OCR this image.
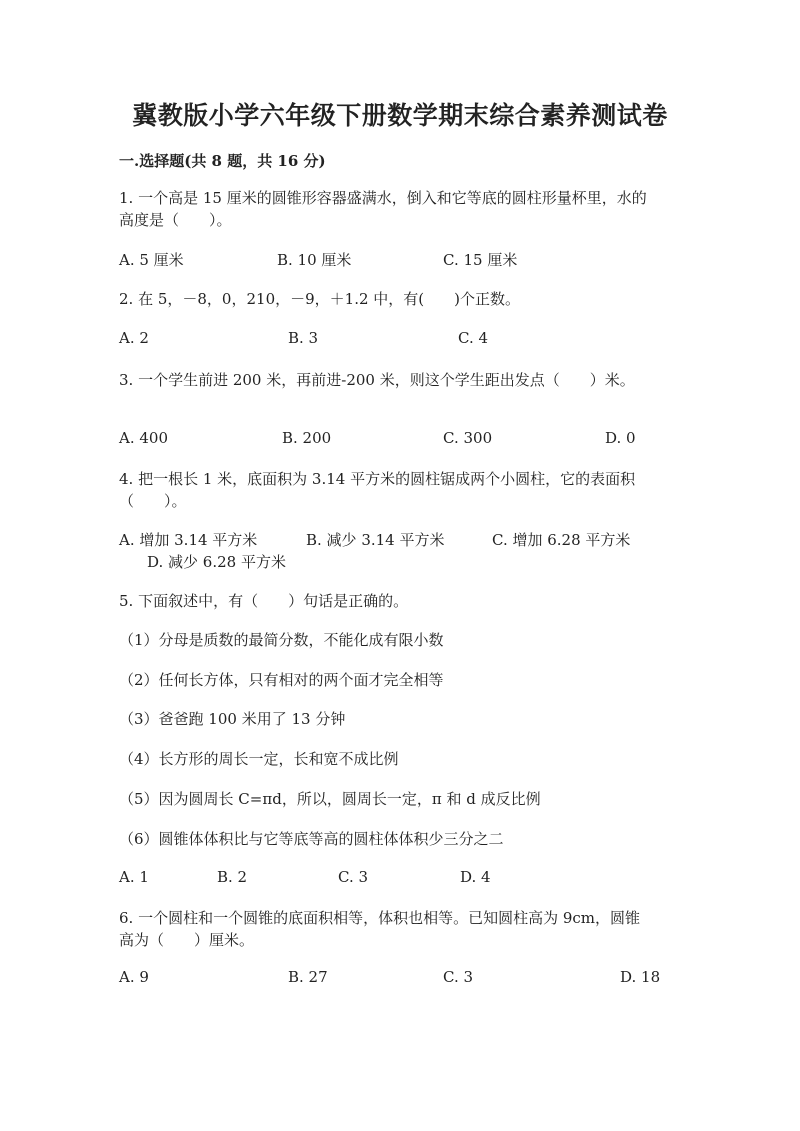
冀教版小学六年级下册数学期末综合素养测试卷
一.选择题(共 8 题，共 16 分)
1. 一个高是 15 厘米的圆锥形容器盛满水，倒入和它等底的圆柱形量杯里，水的
高度是（　　）。
A. 5 厘米	B. 10 厘米	C. 15 厘米
2. 在 5，－8，0，210，－9，＋1.2 中，有(　　)个正数。
A. 2	B. 3	C. 4
3. 一个学生前进 200 米，再前进-200 米，则这个学生距出发点（　　）米。
A. 400	B. 200	C. 300	D. 0
4. 把一根长 1 米，底面积为 3.14 平方米的圆柱锯成两个小圆柱，它的表面积
（　　）。
A. 增加 3.14 平方米	B. 减少 3.14 平方米	C. 增加 6.28 平方米
D. 减少 6.28 平方米
5. 下面叙述中，有（　　）句话是正确的。
（1）分母是质数的最简分数，不能化成有限小数
（2）任何长方体，只有相对的两个面才完全相等
（3）爸爸跑 100 米用了 13 分钟
（4）长方形的周长一定，长和宽不成比例
（5）因为圆周长 C=πd，所以，圆周长一定，π 和 d 成反比例
（6）圆锥体体积比与它等底等高的圆柱体体积少三分之二
A. 1	B. 2	C. 3	D. 4
6. 一个圆柱和一个圆锥的底面积相等，体积也相等。已知圆柱高为 9cm，圆锥
高为（　　）厘米。
A. 9	B. 27	C. 3	D. 18
